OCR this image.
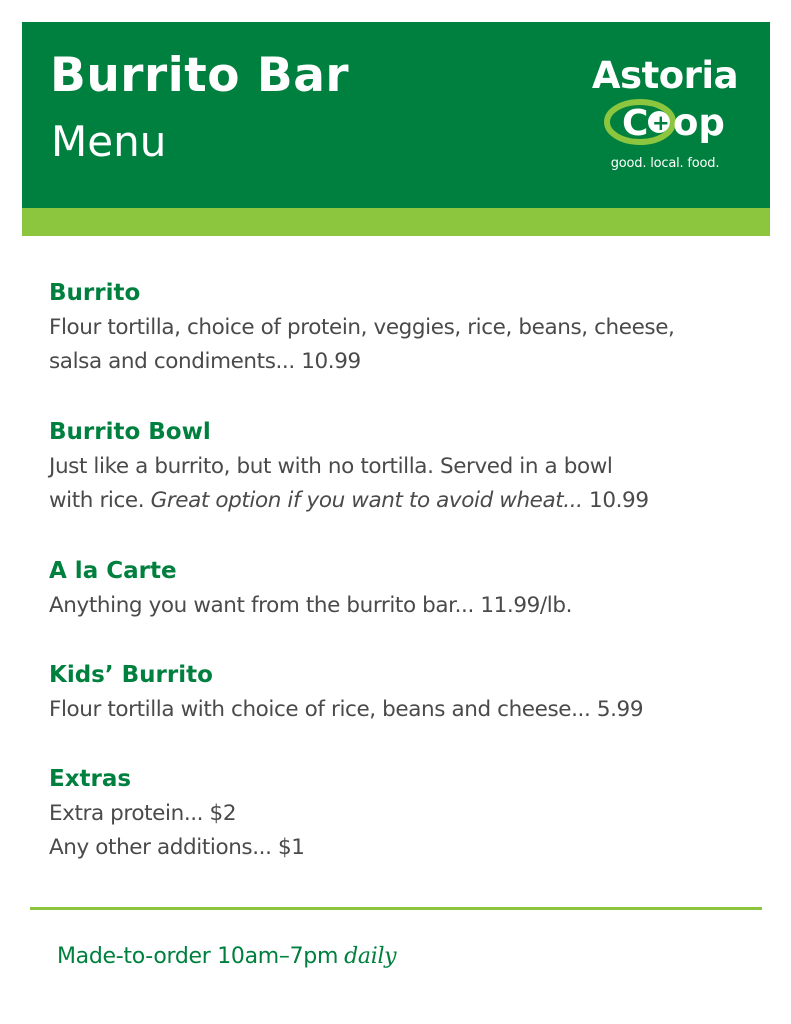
Burrito Bar
Menu
Astoria
C + op
good. local. food.
Burrito
Flour tortilla, choice of protein, veggies, rice, beans, cheese,
salsa and condiments... 10.99
Burrito Bowl
Just like a burrito, but with no tortilla. Served in a bowl
with rice. Great option if you want to avoid wheat... 10.99
A la Carte
Anything you want from the burrito bar... 11.99/lb.
Kids’ Burrito
Flour tortilla with choice of rice, beans and cheese... 5.99
Extras
Extra protein... $2
Any other additions... $1
Made-to-order 10am–7pm daily
